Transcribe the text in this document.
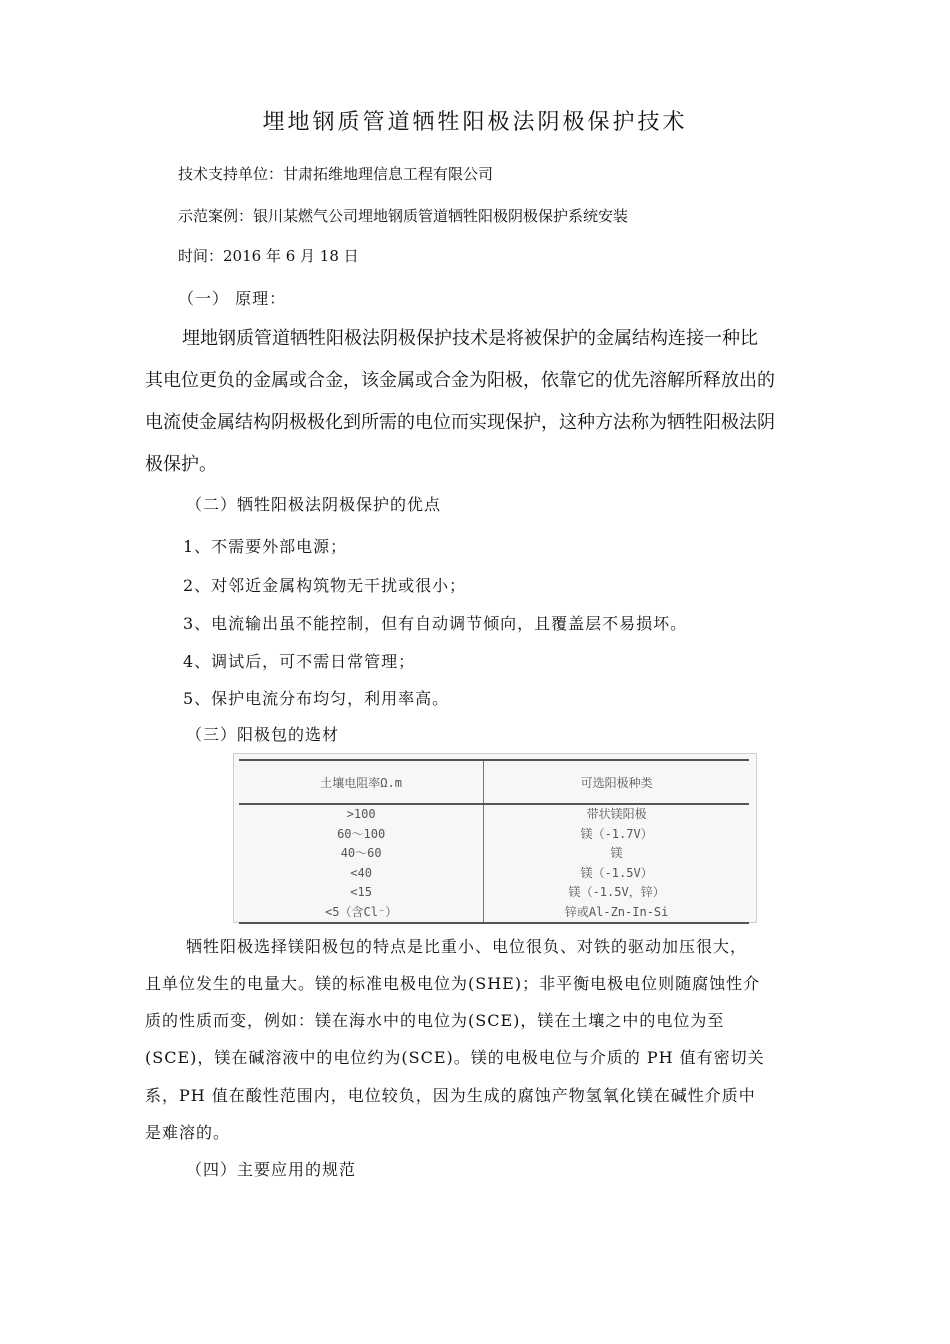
埋地钢质管道牺牲阳极法阴极保护技术
技术支持单位：甘肃拓维地理信息工程有限公司
示范案例：银川某燃气公司埋地钢质管道牺牲阳极阴极保护系统安装
时间：2016 年 6 月 18 日
（一） 原理：
埋地钢质管道牺牲阳极法阴极保护技术是将被保护的金属结构连接一种比
其电位更负的金属或合金，该金属或合金为阳极，依靠它的优先溶解所释放出的
电流使金属结构阴极极化到所需的电位而实现保护，这种方法称为牺牲阳极法阴
极保护。
（二）牺牲阳极法阴极保护的优点
1、不需要外部电源；
2、对邻近金属构筑物无干扰或很小；
3、电流输出虽不能控制，但有自动调节倾向，且覆盖层不易损坏。
4、调试后，可不需日常管理；
5、保护电流分布均匀，利用率高。
（三）阳极包的选材
土壤电阻率Ω.m	可选阳极种类
>100	带状镁阳极
60～100	镁（-1.7V）
40～60	镁
<40	镁（-1.5V）
<15	镁（-1.5V，锌）
<5（含Cl⁻）	锌或Al-Zn-In-Si
牺牲阳极选择镁阳极包的特点是比重小、电位很负、对铁的驱动加压很大，
且单位发生的电量大。镁的标准电极电位为(SHE)；非平衡电极电位则随腐蚀性介
质的性质而变，例如：镁在海水中的电位为(SCE)，镁在土壤之中的电位为至
(SCE)，镁在碱溶液中的电位约为(SCE)。镁的电极电位与介质的 PH 值有密切关
系，PH 值在酸性范围内，电位较负，因为生成的腐蚀产物氢氧化镁在碱性介质中
是难溶的。
（四）主要应用的规范
